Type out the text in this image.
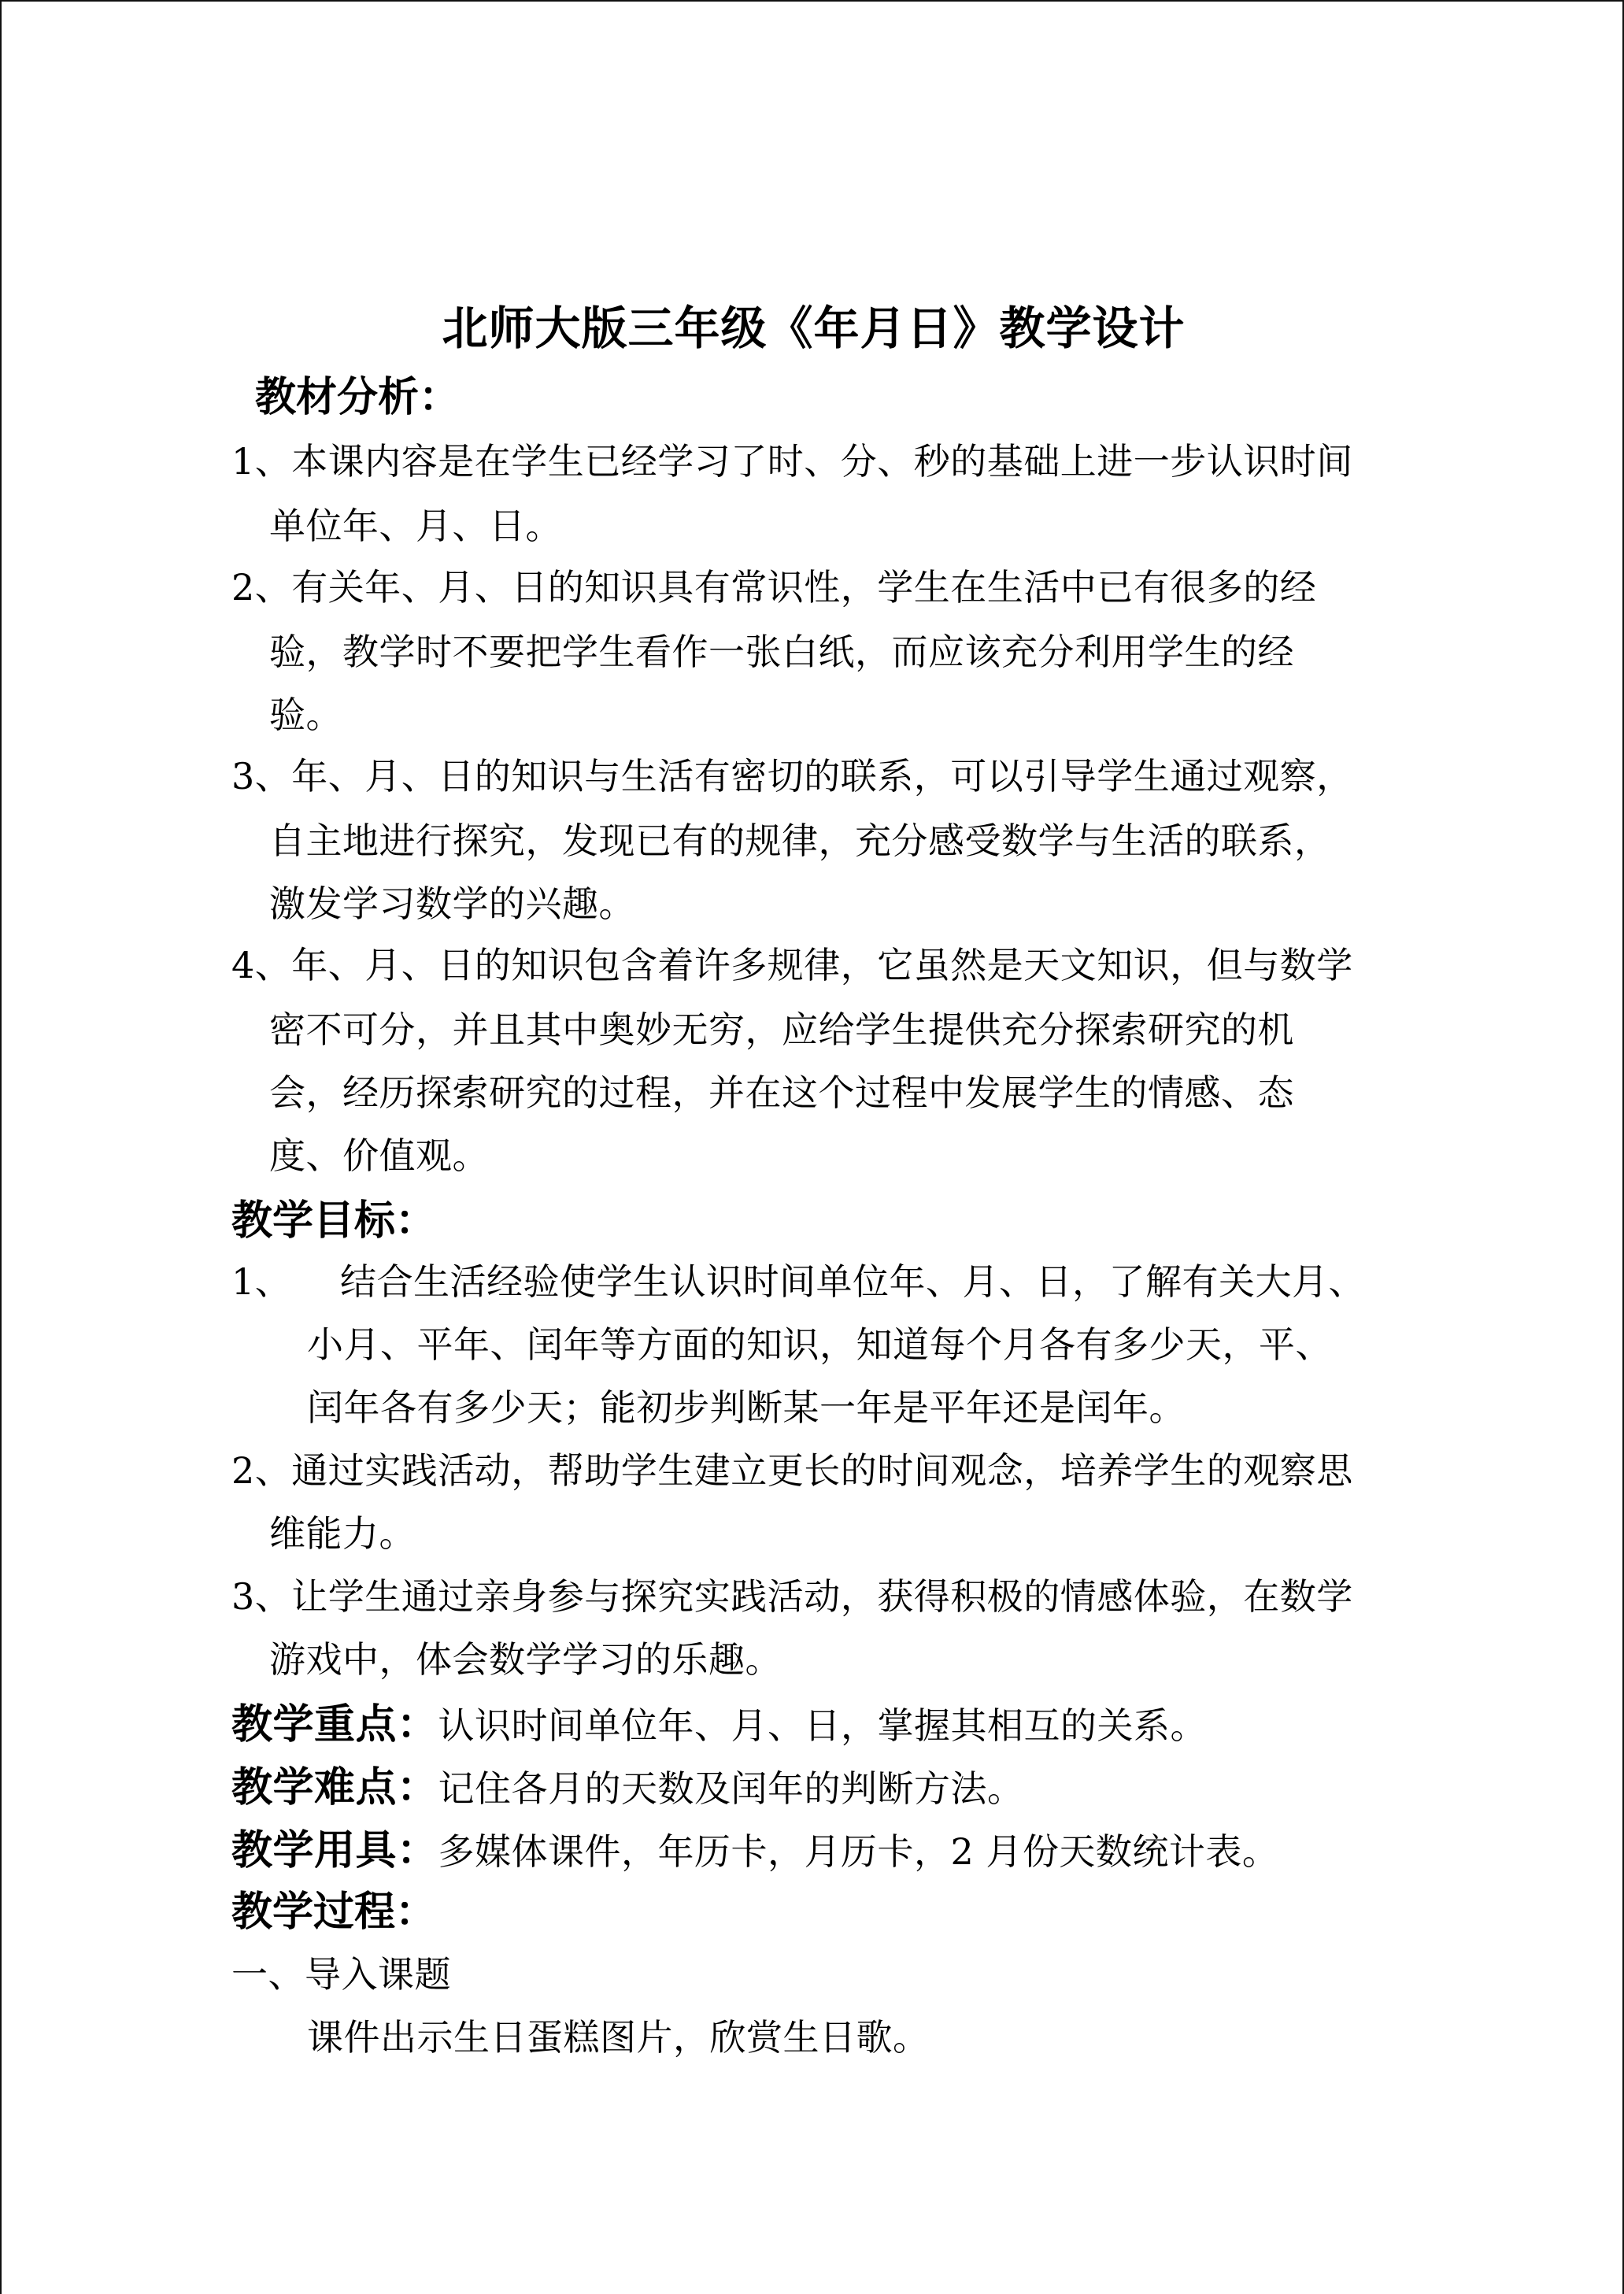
北师大版三年级《年月日》教学设计
教材分析：
1、本课内容是在学生已经学习了时、分、秒的基础上进一步认识时间
单位年、月、日。
2、有关年、月、日的知识具有常识性，学生在生活中已有很多的经
验，教学时不要把学生看作一张白纸，而应该充分利用学生的经
验。
3、年、月、日的知识与生活有密切的联系，可以引导学生通过观察，
自主地进行探究，发现已有的规律，充分感受数学与生活的联系，
激发学习数学的兴趣。
4、年、月、日的知识包含着许多规律，它虽然是天文知识，但与数学
密不可分，并且其中奥妙无穷，应给学生提供充分探索研究的机
会，经历探索研究的过程，并在这个过程中发展学生的情感、态
度、价值观。
教学目标：
1、 结合生活经验使学生认识时间单位年、月、日，了解有关大月、
小月、平年、闰年等方面的知识，知道每个月各有多少天，平、
闰年各有多少天；能初步判断某一年是平年还是闰年。
2、通过实践活动，帮助学生建立更长的时间观念，培养学生的观察思
维能力。
3、让学生通过亲身参与探究实践活动，获得积极的情感体验，在数学
游戏中，体会数学学习的乐趣。
教学重点：认识时间单位年、月、日，掌握其相互的关系。
教学难点：记住各月的天数及闰年的判断方法。
教学用具：多媒体课件，年历卡，月历卡，2 月份天数统计表。
教学过程：
一、导入课题
课件出示生日蛋糕图片，欣赏生日歌。
